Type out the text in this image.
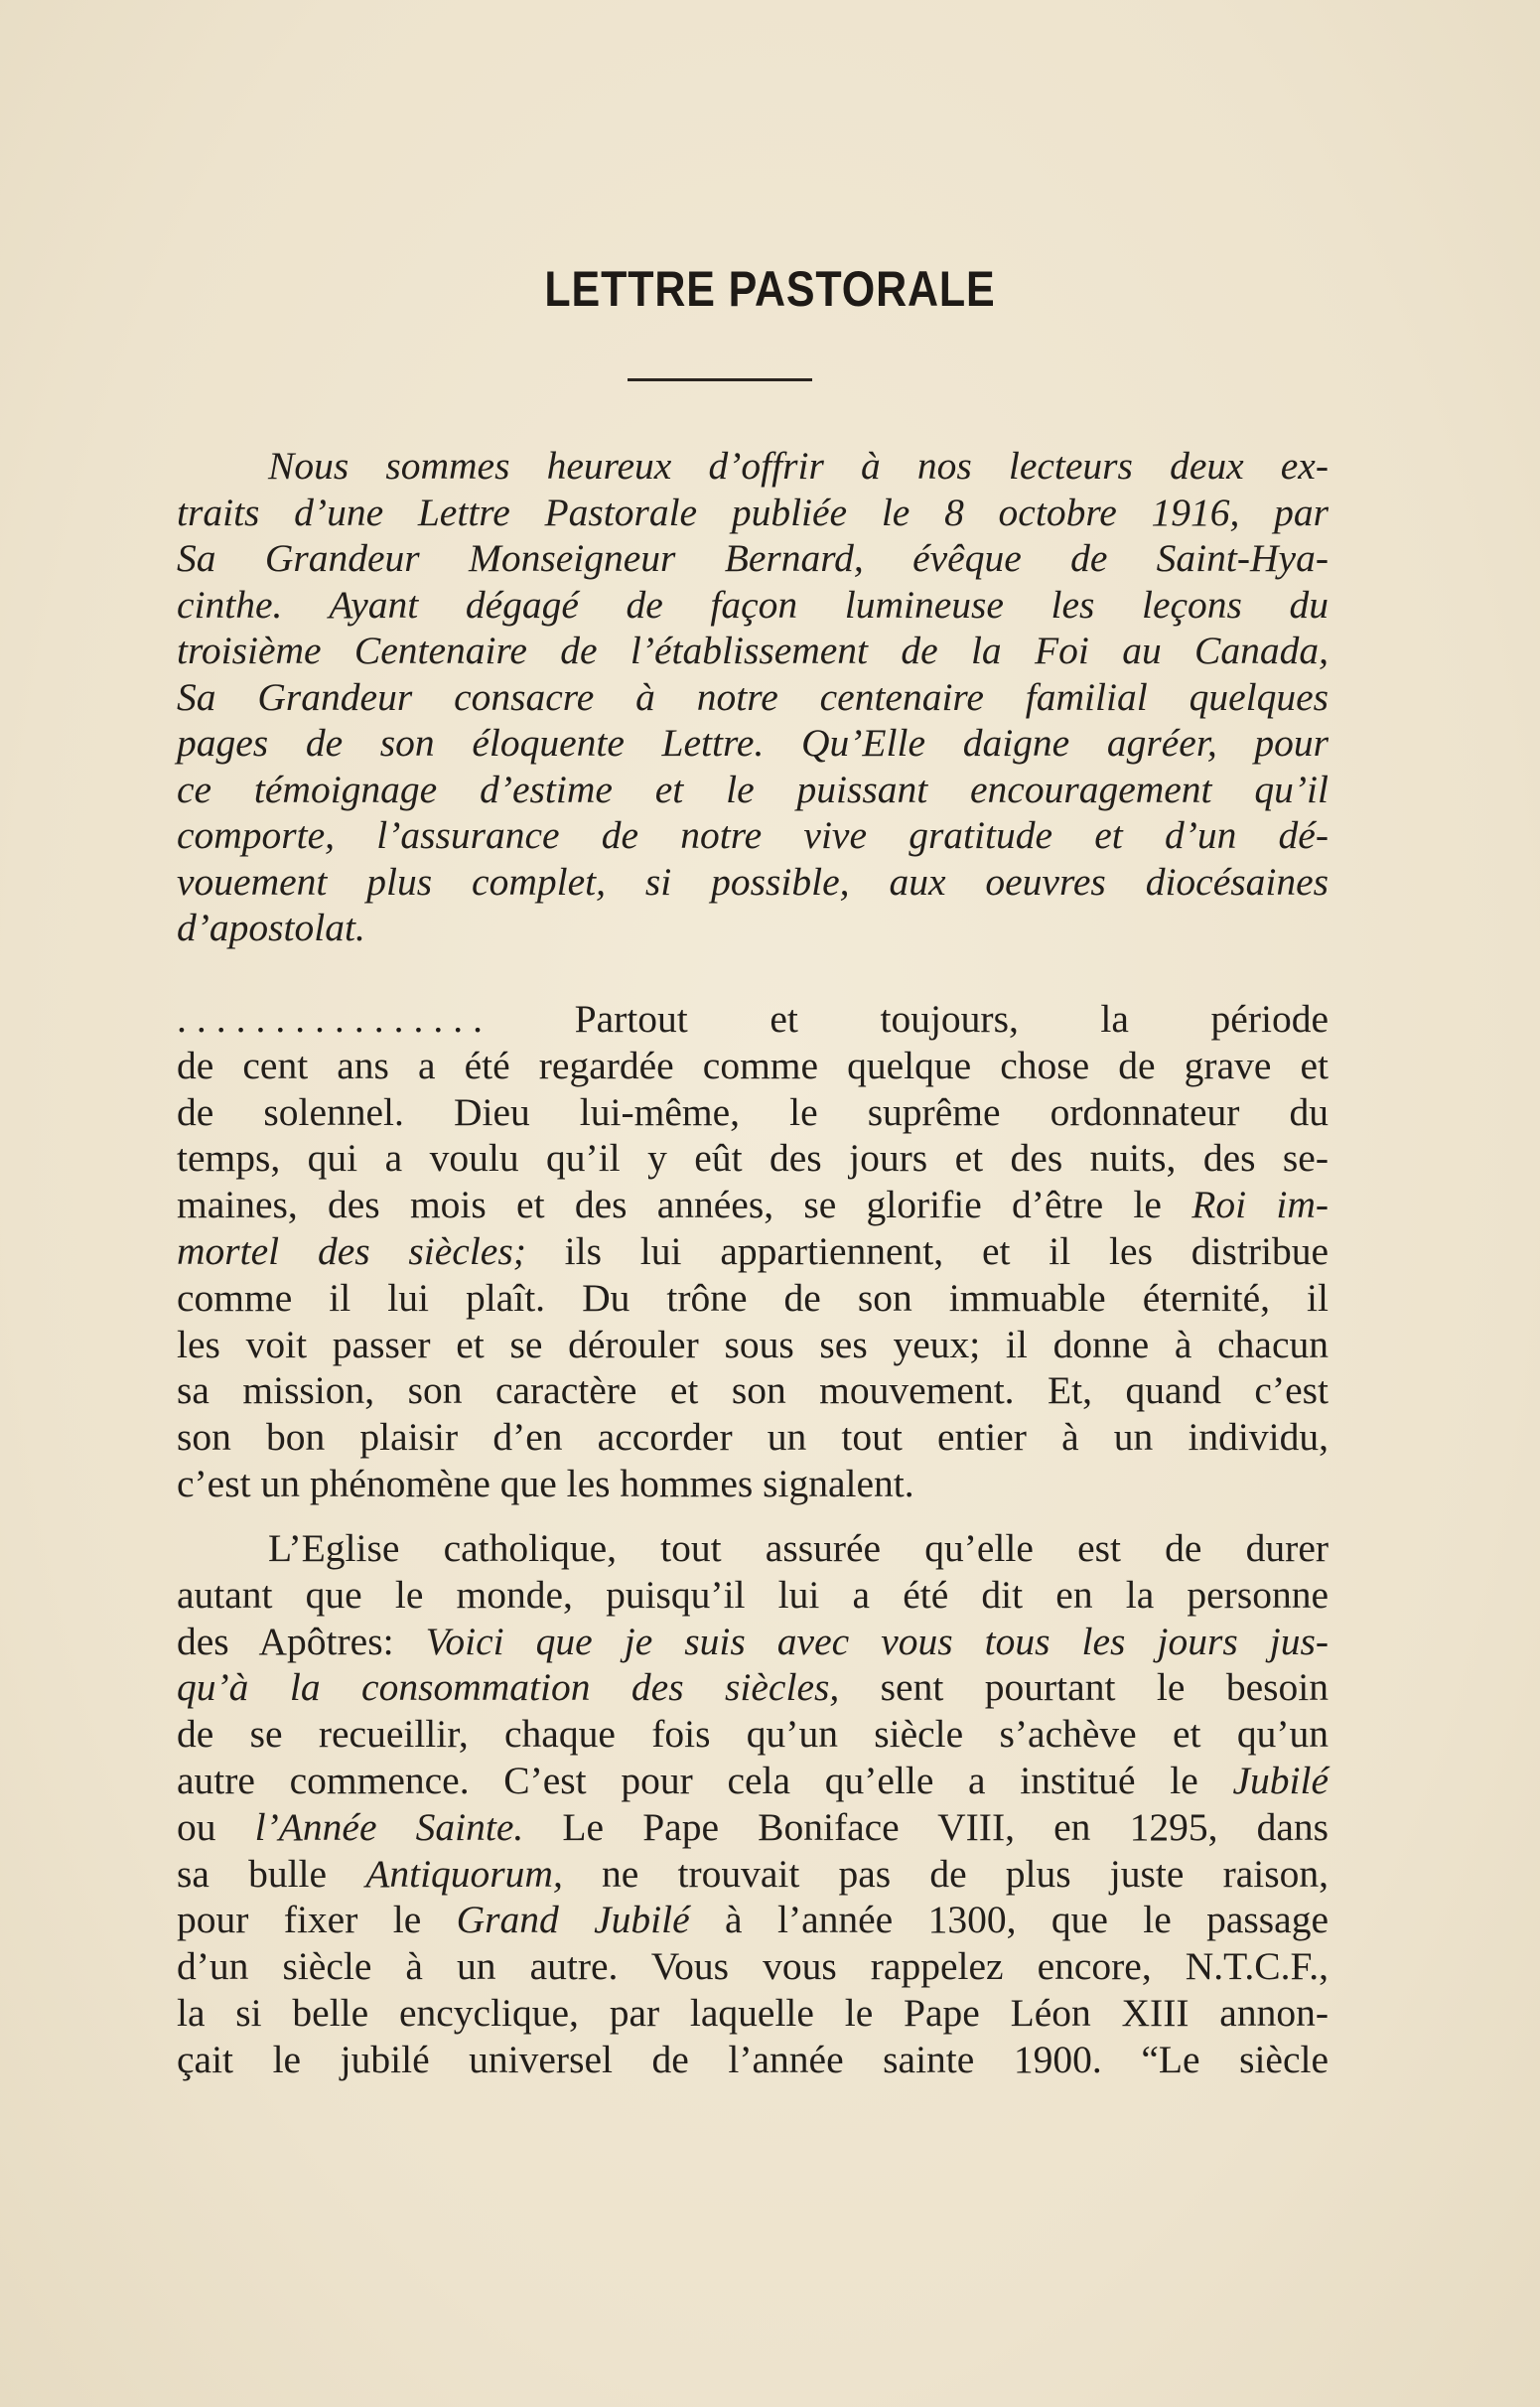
LETTRE PASTORALE
Nous sommes heureux d’offrir à nos lecteurs deux ex-
traits d’une Lettre Pastorale publiée le 8 octobre 1916, par
Sa Grandeur Monseigneur Bernard, évêque de Saint-Hya-
cinthe. Ayant dégagé de façon lumineuse les leçons du
troisième Centenaire de l’établissement de la Foi au Canada,
Sa Grandeur consacre à notre centenaire familial quelques
pages de son éloquente Lettre. Qu’Elle daigne agréer, pour
ce témoignage d’estime et le puissant encouragement qu’il
comporte, l’assurance de notre vive gratitude et d’un dé-
vouement plus complet, si possible, aux oeuvres diocésaines
d’apostolat.
................ Partout et toujours, la période
de cent ans a été regardée comme quelque chose de grave et
de solennel. Dieu lui-même, le suprême ordonnateur du
temps, qui a voulu qu’il y eût des jours et des nuits, des se-
maines, des mois et des années, se glorifie d’être le Roi im-
mortel des siècles; ils lui appartiennent, et il les distribue
comme il lui plaît. Du trône de son immuable éternité, il
les voit passer et se dérouler sous ses yeux; il donne à chacun
sa mission, son caractère et son mouvement. Et, quand c’est
son bon plaisir d’en accorder un tout entier à un individu,
c’est un phénomène que les hommes signalent.
L’Eglise catholique, tout assurée qu’elle est de durer
autant que le monde, puisqu’il lui a été dit en la personne
des Apôtres: Voici que je suis avec vous tous les jours jus-
qu’à la consommation des siècles, sent pourtant le besoin
de se recueillir, chaque fois qu’un siècle s’achève et qu’un
autre commence. C’est pour cela qu’elle a institué le Jubilé
ou l’Année Sainte. Le Pape Boniface VIII, en 1295, dans
sa bulle Antiquorum, ne trouvait pas de plus juste raison,
pour fixer le Grand Jubilé à l’année 1300, que le passage
d’un siècle à un autre. Vous vous rappelez encore, N.T.C.F.,
la si belle encyclique, par laquelle le Pape Léon XIII annon-
çait le jubilé universel de l’année sainte 1900. “Le siècle
